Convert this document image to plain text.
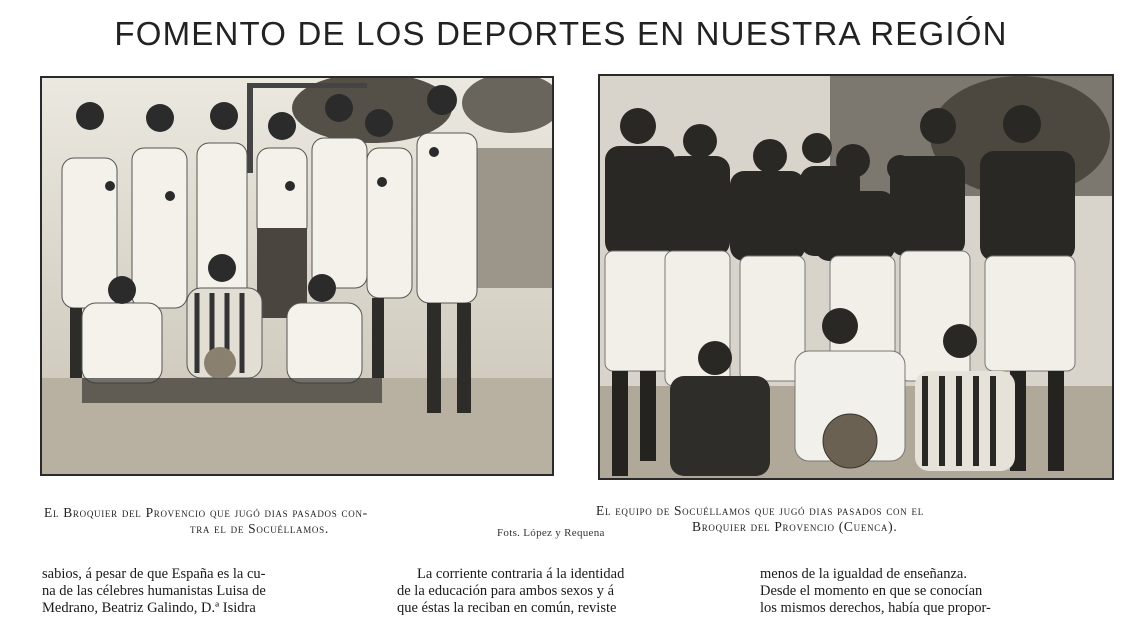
FOMENTO DE LOS DEPORTES EN NUESTRA REGIÓN
El Broquier del Provencio que jugó dias pasados con-
tra el de Socuéllamos.	Fots. López y Requena
El equipo de Socuéllamos que jugó dias pasados con el
Broquier del Provencio (Cuenca).
sabios, á pesar de que España es la cu-
na de las célebres humanistas Luisa de
Medrano, Beatriz Galindo, D.ª Isidra
La corriente contraria á la identidad
de la educación para ambos sexos y á
que éstas la reciban en común, reviste
menos de la igualdad de enseñanza.
Desde el momento en que se conocían
los mismos derechos, había que propor-
